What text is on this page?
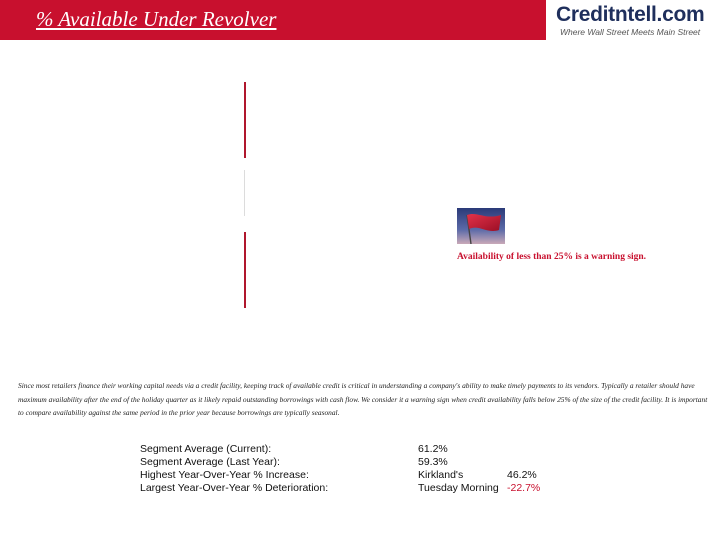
% Available Under Revolver	Creditntell.com
Where Wall Street Meets Main Street
Availability of less than 25% is a warning sign.
Since most retailers finance their working capital needs via a credit facility, keeping track of available credit is critical in understanding a company's ability to make timely payments to its vendors. Typically a retailer should have maximum availability after the end of the holiday quarter as it likely repaid outstanding borrowings with cash flow. We consider it a warning sign when credit availability falls below 25% of the size of the credit facility. It is important to compare availability against the same period in the prior year because borrowings are typically seasonal.
Segment Average (Current):	61.2%
Segment Average (Last Year):	59.3%
Highest Year-Over-Year % Increase:	Kirkland's	46.2%
Largest Year-Over-Year % Deterioration:	Tuesday Morning -22.7%
